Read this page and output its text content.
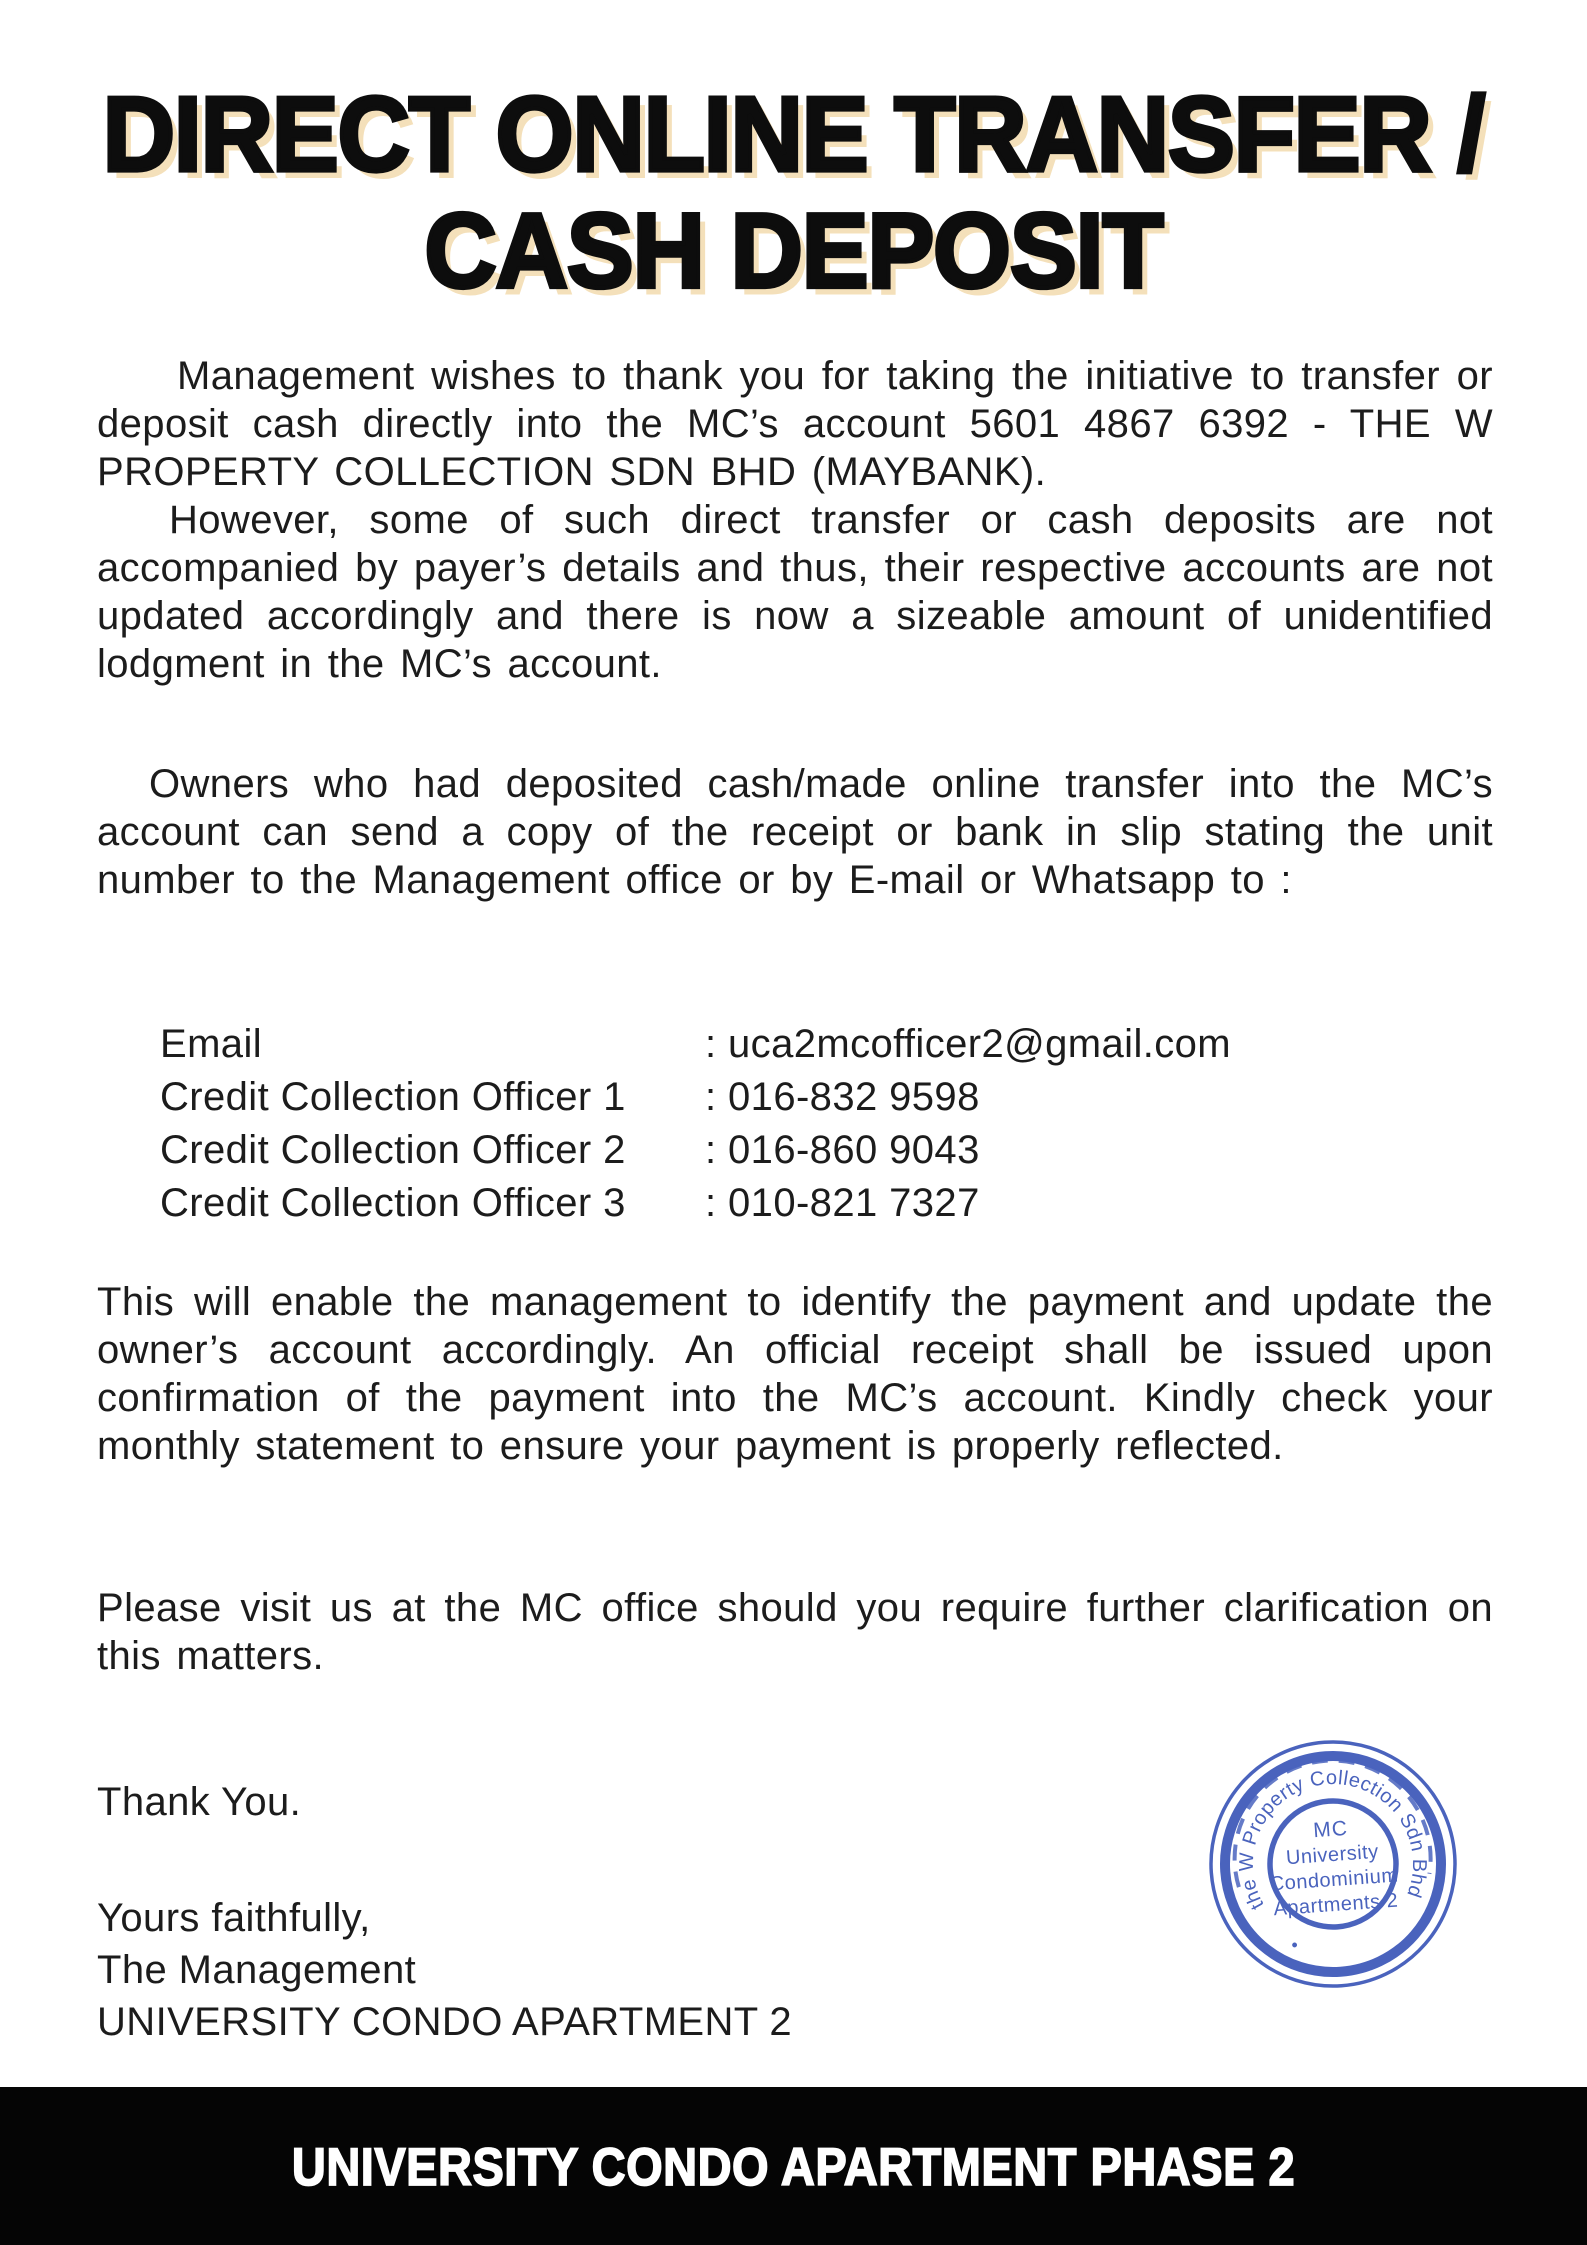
DIRECT ONLINE TRANSFER /
CASH DEPOSIT

Management wishes to thank you for taking the initiative to transfer or deposit cash directly into the MC’s account 5601 4867 6392 - THE W PROPERTY COLLECTION SDN BHD (MAYBANK).

However, some of such direct transfer or cash deposits are not accompanied by payer’s details and thus, their respective accounts are not updated accordingly and there is now a sizeable amount of unidentified lodgment in the MC’s account.

Owners who had deposited cash/made online transfer into the MC’s account can send a copy of the receipt or bank in slip stating the unit number to the Management office or by E-mail or Whatsapp to :

Email	: uca2mcofficer2@gmail.com
Credit Collection Officer 1	: 016-832 9598
Credit Collection Officer 2	: 016-860 9043
Credit Collection Officer 3	: 010-821 7327

This will enable the management to identify the payment and update the owner’s account accordingly. An official receipt shall be issued upon confirmation of the payment into the MC’s account. Kindly check your monthly statement to ensure your payment is properly reflected.

Please visit us at the MC office should you require further clarification on this matters.

Thank You.
Yours faithfully,
The Management
UNIVERSITY CONDO APARTMENT 2
the W Property Collection Sdn Bhd
•
MC
University
Condominium
Apartments 2
UNIVERSITY CONDO APARTMENT PHASE 2
